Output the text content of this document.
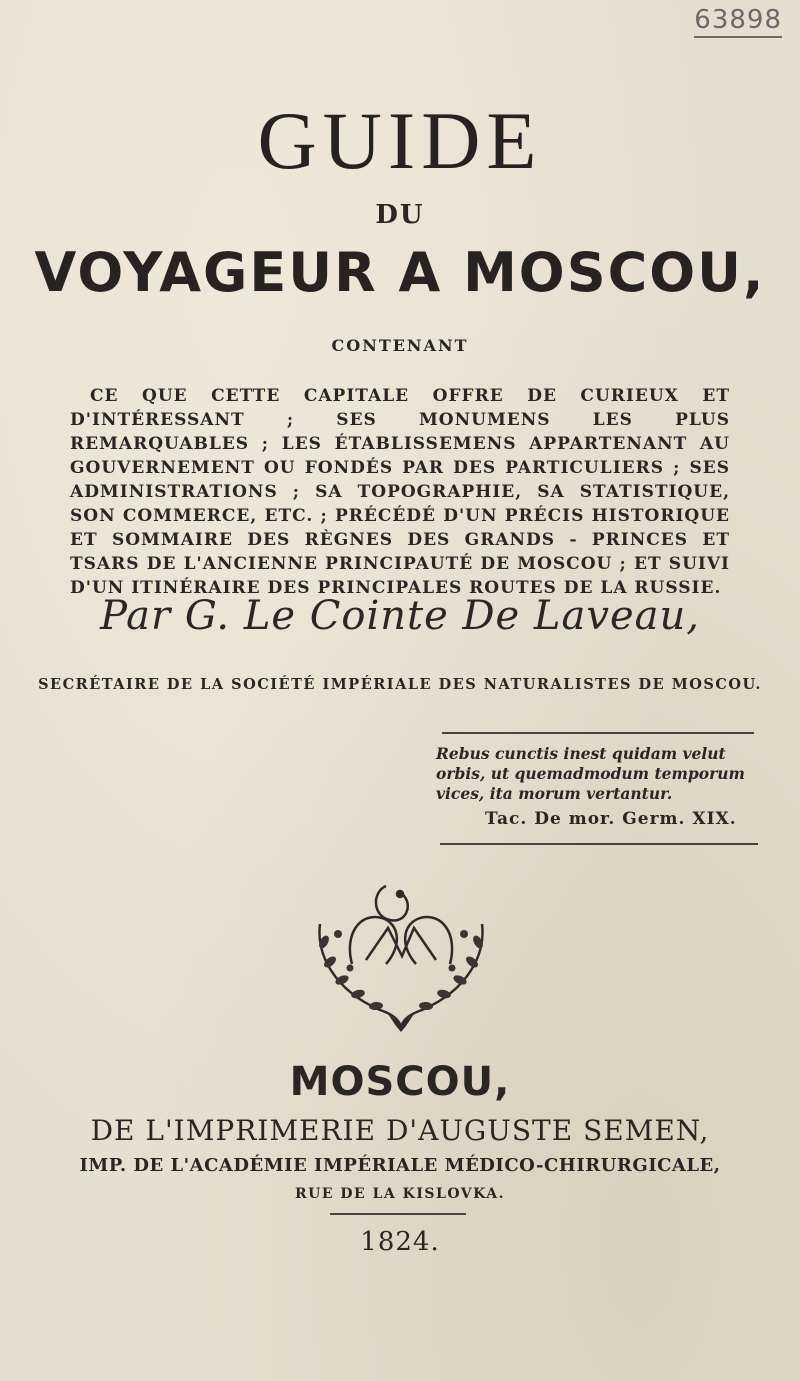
63898
GUIDE
DU
VOYAGEUR A MOSCOU,
CONTENANT
CE QUE CETTE CAPITALE OFFRE DE CURIEUX ET D'INTÉRESSANT ; SES MONUMENS LES PLUS REMARQUABLES ; LES ÉTABLISSEMENS APPARTENANT AU GOUVERNEMENT OU FONDÉS PAR DES PARTICULIERS ; SES ADMINISTRATIONS ; SA TOPOGRAPHIE, SA STATISTIQUE, SON COMMERCE, ETC. ; PRÉCÉDÉ D'UN PRÉCIS HISTORIQUE ET SOMMAIRE DES RÈGNES DES GRANDS - PRINCES ET TSARS DE L'ANCIENNE PRINCIPAUTÉ DE MOSCOU ; ET SUIVI D'UN ITINÉRAIRE DES PRINCIPALES ROUTES DE LA RUSSIE.
Par G. Le Cointe De Laveau,
SECRÉTAIRE DE LA SOCIÉTÉ IMPÉRIALE DES NATURALISTES DE MOSCOU.
Rebus cunctis inest quidam velut orbis, ut quemadmodum temporum vices, ita morum vertantur.
Tac. De mor. Germ. XIX.
MOSCOU,
DE L'IMPRIMERIE D'AUGUSTE SEMEN,
IMP. DE L'ACADÉMIE IMPÉRIALE MÉDICO-CHIRURGICALE,
RUE DE LA KISLOVKA.
1824.
